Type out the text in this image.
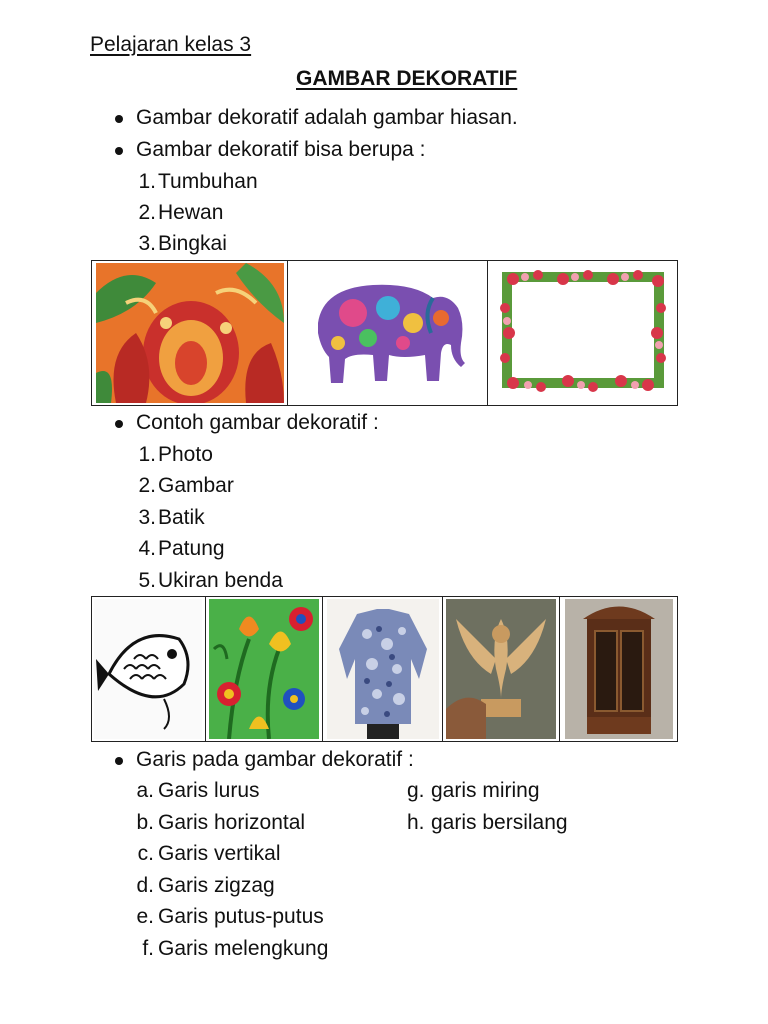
Pelajaran kelas 3
GAMBAR DEKORATIF
Gambar dekoratif adalah gambar hiasan.
Gambar dekoratif bisa berupa :
1. Tumbuhan
2. Hewan
3. Bingkai
Contoh gambar dekoratif :
1. Photo
2. Gambar
3. Batik
4. Patung
5. Ukiran benda
Garis pada gambar dekoratif :
a. Garis lurus
b. Garis horizontal
c. Garis vertikal
d. Garis zigzag
e. Garis putus-putus
f. Garis melengkung
g. garis miring
h. garis bersilang
